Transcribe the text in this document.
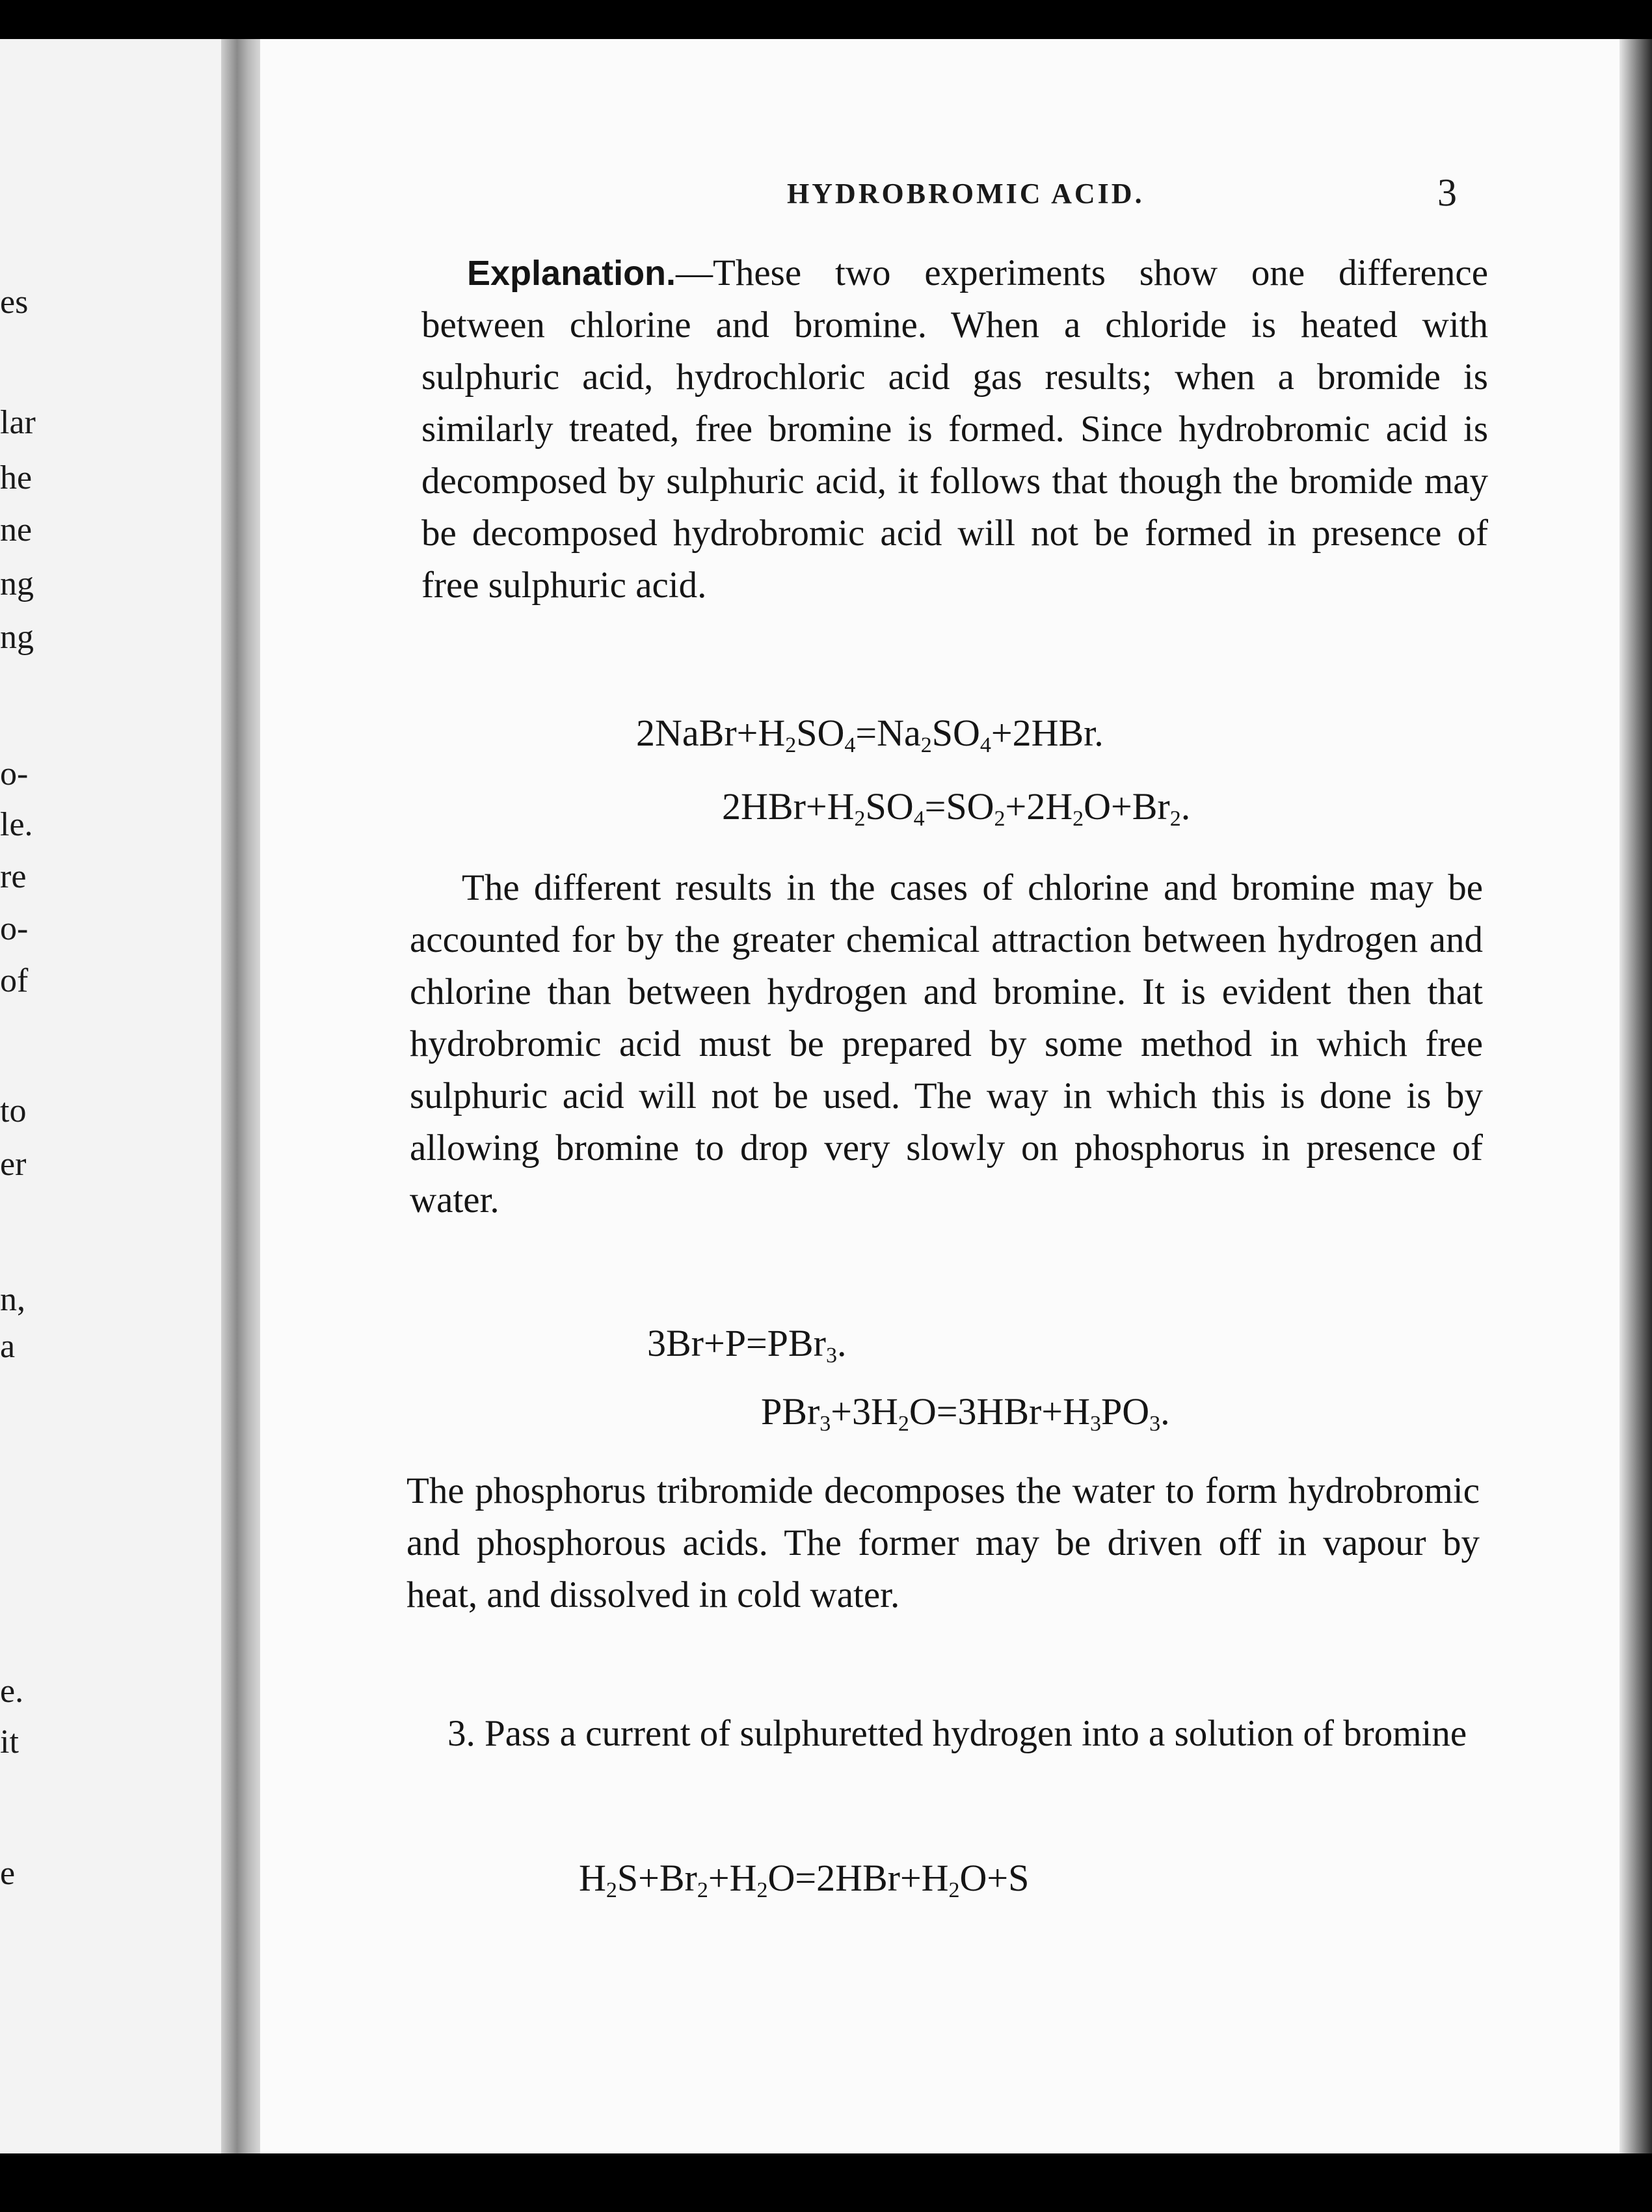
es
lar
he
ne
ng
ng
o-
le.
re
o-
of
to
er
n,
a
e.
it
e
HYDROBROMIC ACID.	3

Explanation.—These two experiments show one difference between chlorine and bromine. When a chloride is heated with sulphuric acid, hydrochloric acid gas results; when a bromide is similarly treated, free bromine is formed. Since hydrobromic acid is decomposed by sulphuric acid, it follows that though the bromide may be decomposed hydrobromic acid will not be formed in presence of free sulphuric acid.

$2NaBr+H_2SO_4=Na_2SO_4+2HBr$.
$2HBr+H_2SO_4=SO_2+2H_2O+Br_2$.

The different results in the cases of chlorine and bromine may be accounted for by the greater chemical attraction between hydrogen and chlorine than between hydrogen and bromine. It is evident then that hydrobromic acid must be prepared by some method in which free sulphuric acid will not be used. The way in which this is done is by allowing bromine to drop very slowly on phosphorus in presence of water.

3Br+P=PBr$_3$.
$PBr_3+3H_2O=3HBr+H_3PO_3$.

The phosphorus tribromide decomposes the water to form hydrobromic and phosphorous acids. The former may be driven off in vapour by heat, and dissolved in cold water.

3. Pass a current of sulphuretted hydrogen into a solution of bromine

$H_2S+Br_2+H_2O=2HBr+H_2O+S$
